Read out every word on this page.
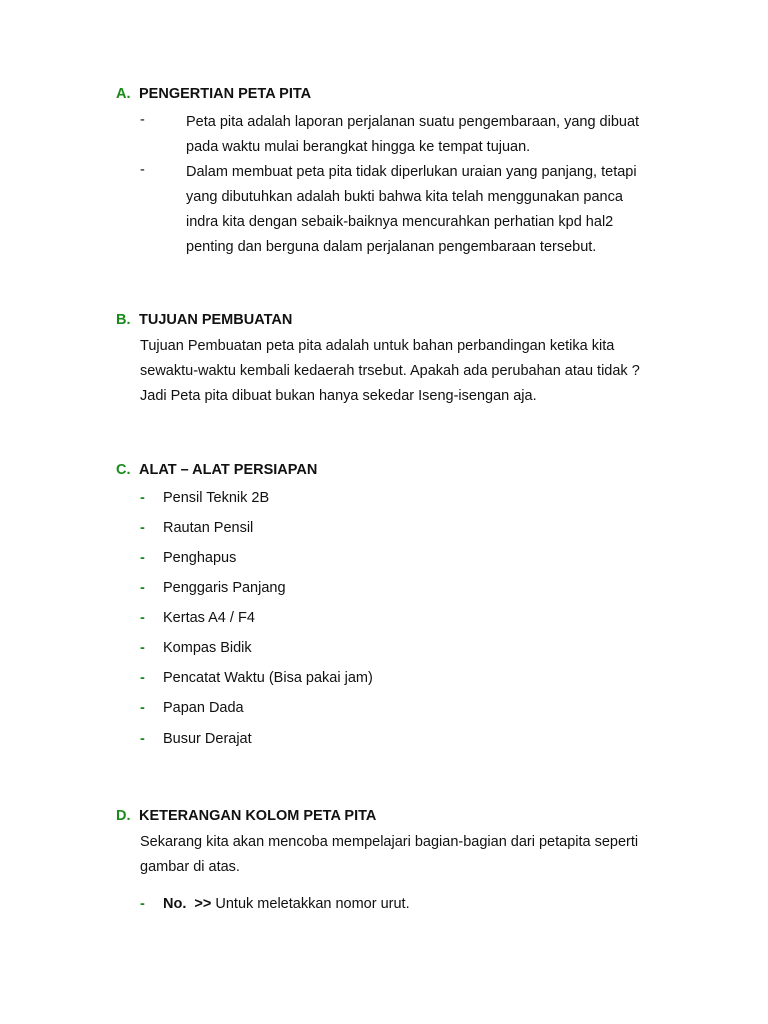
A. PENGERTIAN PETA PITA
-	Peta pita adalah laporan perjalanan suatu pengembaraan, yang dibuat
pada waktu mulai berangkat hingga ke tempat tujuan.
-	Dalam membuat peta pita tidak diperlukan uraian yang panjang, tetapi
yang dibutuhkan adalah bukti bahwa kita telah menggunakan panca
indra kita dengan sebaik-baiknya mencurahkan perhatian kpd hal2
penting dan berguna dalam perjalanan pengembaraan tersebut.
B. TUJUAN PEMBUATAN
Tujuan Pembuatan peta pita adalah untuk bahan perbandingan ketika kita
sewaktu-waktu kembali kedaerah trsebut. Apakah ada perubahan atau tidak ?
Jadi Peta pita dibuat bukan hanya sekedar Iseng-isengan aja.
C. ALAT – ALAT PERSIAPAN
- Pensil Teknik 2B
- Rautan Pensil
- Penghapus
- Penggaris Panjang
- Kertas A4 / F4
- Kompas Bidik
- Pencatat Waktu (Bisa pakai jam)
- Papan Dada
- Busur Derajat
D. KETERANGAN KOLOM PETA PITA
Sekarang kita akan mencoba mempelajari bagian-bagian dari petapita seperti
gambar di atas.
- No. >> Untuk meletakkan nomor urut.
